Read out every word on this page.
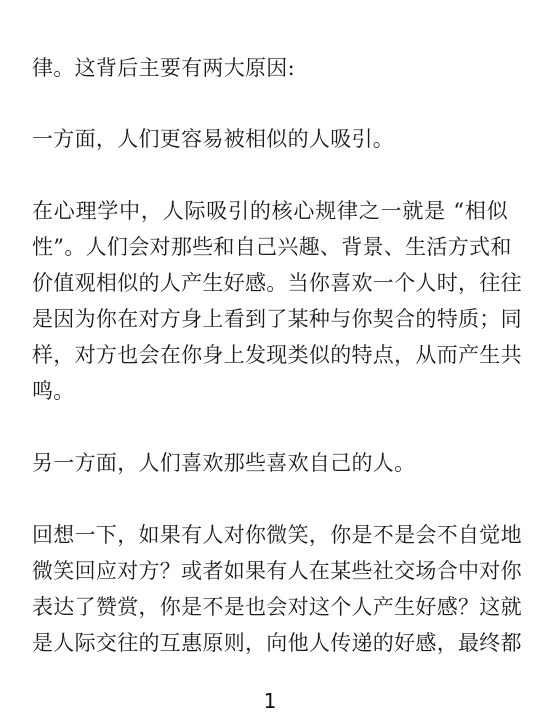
律。这背后主要有两大原因:
一方面，人们更容易被相似的人吸引。
在心理学中，人际吸引的核心规律之一就是 “相似
性”。人们会对那些和自己兴趣、背景、生活方式和
价值观相似的人产生好感。当你喜欢一个人时，往往
是因为你在对方身上看到了某种与你契合的特质；同
样，对方也会在你身上发现类似的特点，从而产生共
鸣。
另一方面，人们喜欢那些喜欢自己的人。
回想一下，如果有人对你微笑，你是不是会不自觉地
微笑回应对方？或者如果有人在某些社交场合中对你
表达了赞赏，你是不是也会对这个人产生好感？这就
是人际交往的互惠原则，向他人传递的好感，最终都
1
